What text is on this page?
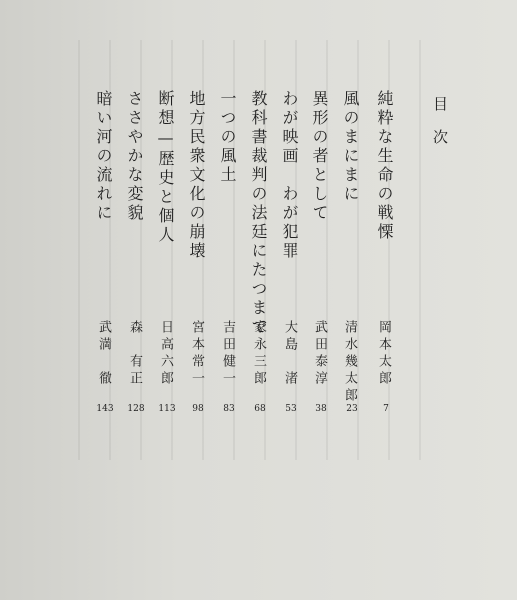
目次
純粋な生命の戦慄
岡本太郎
7
風のまにまに
清水幾太郎
23
異形の者として
武田泰淳
38
わが映画　わが犯罪
大島　渚
53
教科書裁判の法廷にたつまで
家永三郎
68
一つの風土
吉田健一
83
地方民衆文化の崩壊
宮本常一
98
断想—歴史と個人
日高六郎
113
ささやかな変貌
森　有正
128
暗い河の流れに
武満　徹
143
